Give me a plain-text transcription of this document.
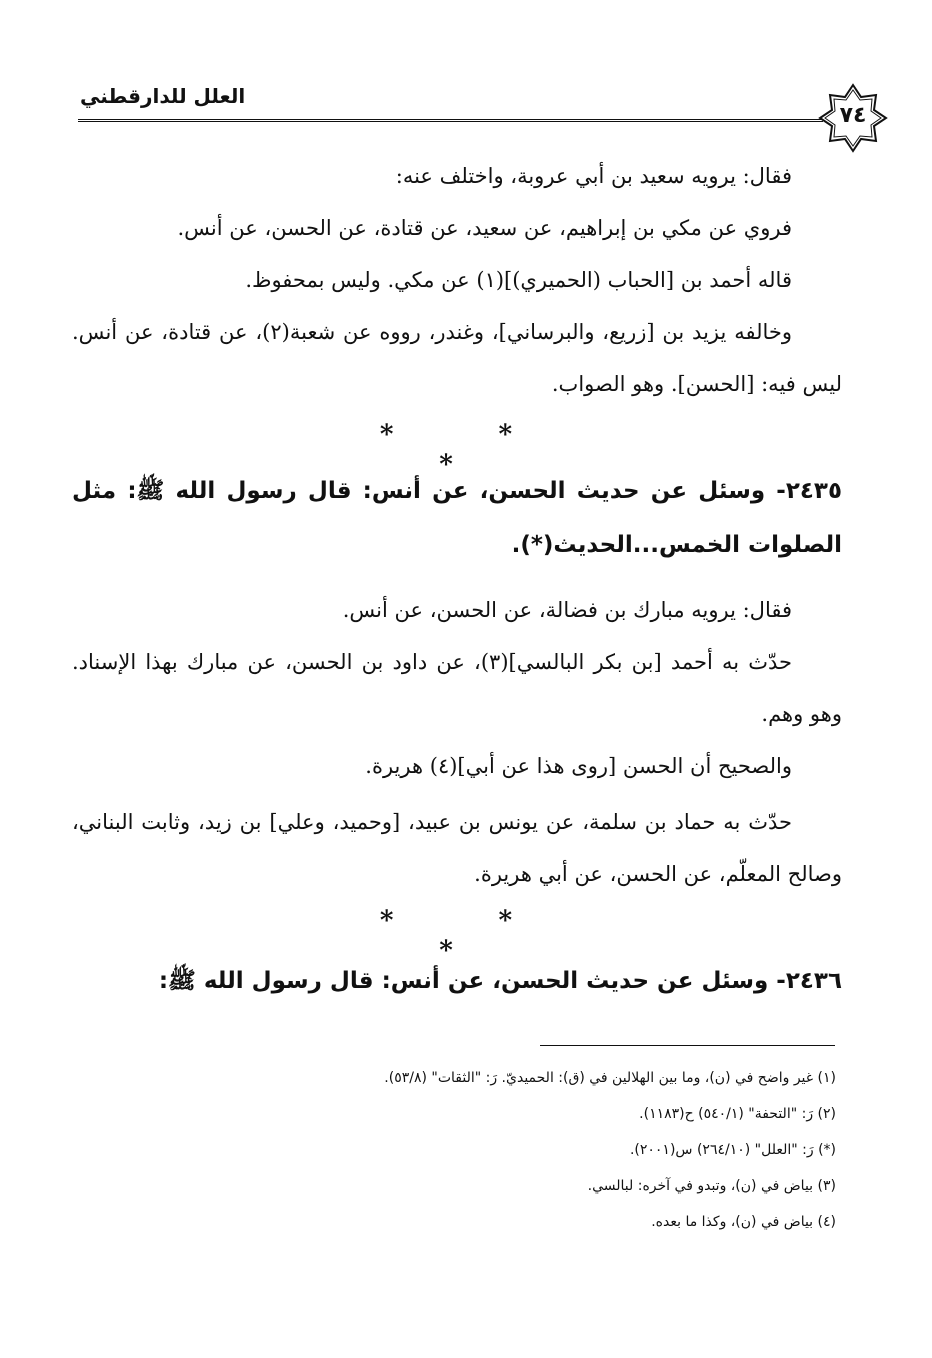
العلل للدارقطني
٧٤
فقال: يرويه سعيد بن أبي عروبة، واختلف عنه:
فروي عن مكي بن إبراهيم، عن سعيد، عن قتادة، عن الحسن، عن أنس.
قاله أحمد بن [الحباب (الحميري)](١) عن مكي. وليس بمحفوظ.
وخالفه يزيد بن [زريع، والبرساني]، وغندر، رووه عن شعبة(٢)، عن قتادة، عن أنس. ليس فيه: [الحسن]. وهو الصواب.
* * *
٢٤٣٥- وسئل عن حديث الحسن، عن أنس: قال رسول الله ﷺ: مثل الصلوات الخمس...الحديث(*).
فقال: يرويه مبارك بن فضالة، عن الحسن، عن أنس.
حدّث به أحمد [بن بكر البالسي](٣)، عن داود بن الحسن، عن مبارك بهذا الإسناد. وهو وهم.
والصحيح أن الحسن [روى هذا عن أبي](٤) هريرة.
حدّث به حماد بن سلمة، عن يونس بن عبيد، [وحميد، وعلي] بن زيد، وثابت البناني، وصالح المعلّم، عن الحسن، عن أبي هريرة.
* * *
٢٤٣٦- وسئل عن حديث الحسن، عن أنس: قال رسول الله ﷺ:
(١) غير واضح في (ن)، وما بين الهلالين في (ق): الحميديّ. رَ: "الثقات" (٥٣/٨).
(٢) رَ: "التحفة" (٥٤٠/١) ح(١١٨٣).
(*) رَ: "العلل" (٢٦٤/١٠) س(٢٠٠١).
(٣) بياض في (ن)، وتبدو في آخره: لبالسي.
(٤) بياض في (ن)، وكذا ما بعده.
